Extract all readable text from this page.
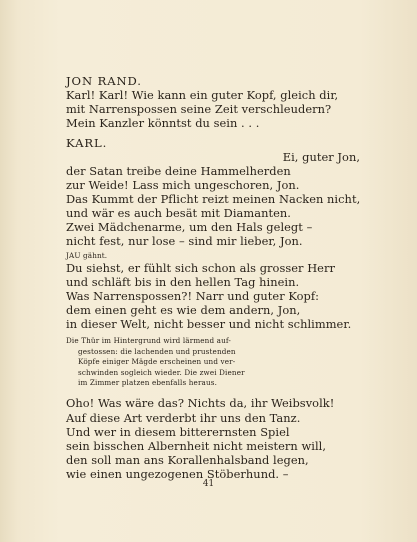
JON RAND.
Karl! Karl! Wie kann ein guter Kopf, gleich dir,
mit Narrenspossen seine Zeit verschleudern?
Mein Kanzler könntst du sein . . .
KARL.
Ei, guter Jon,
der Satan treibe deine Hammelherden
zur Weide! Lass mich ungeschoren, Jon.
Das Kummt der Pflicht reizt meinen Nacken nicht,
und wär es auch besät mit Diamanten.
Zwei Mädchenarme, um den Hals gelegt –
nicht fest, nur lose – sind mir lieber, Jon.
JAU gähnt.
Du siehst, er fühlt sich schon als grosser Herr
und schläft bis in den hellen Tag hinein.
Was Narrenspossen?! Narr und guter Kopf:
dem einen geht es wie dem andern, Jon,
in dieser Welt, nicht besser und nicht schlimmer.
Die Thür im Hintergrund wird lärmend auf-
gestossen: die lachenden und prustenden
Köpfe einiger Mägde erscheinen und ver-
schwinden sogleich wieder. Die zwei Diener
im Zimmer platzen ebenfalls heraus.
Oho! Was wäre das? Nichts da, ihr Weibsvolk!
Auf diese Art verderbt ihr uns den Tanz.
Und wer in diesem bitterernsten Spiel
sein bisschen Albernheit nicht meistern will,
den soll man ans Korallenhalsband legen,
wie einen ungezogenen Stöberhund. –
41
